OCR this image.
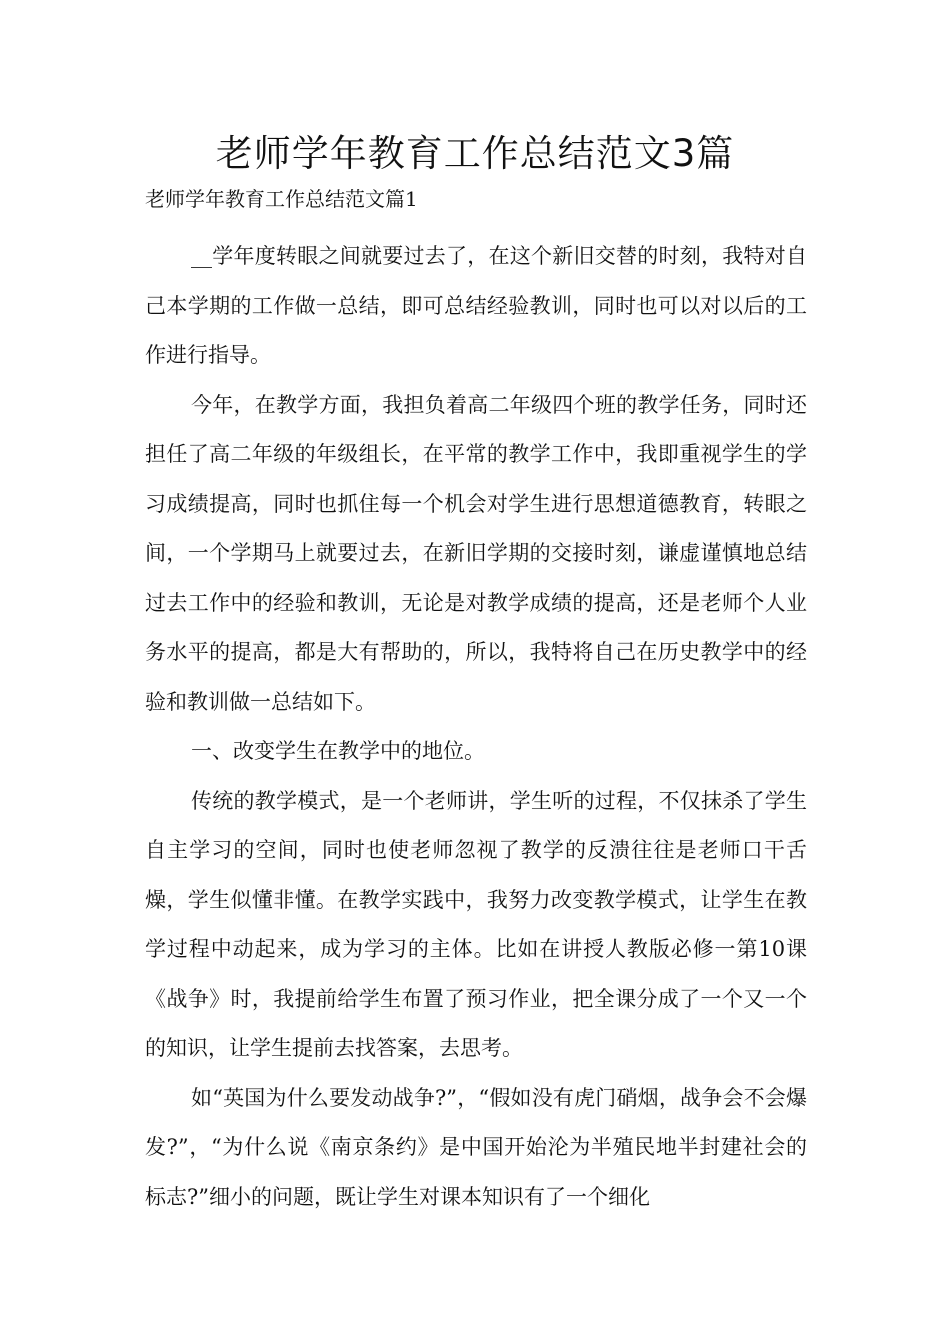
老师学年教育工作总结范文3篇

老师学年教育工作总结范文篇1

__学年度转眼之间就要过去了，在这个新旧交替的时刻，我特对自己本学期的工作做一总结，即可总结经验教训，同时也可以对以后的工作进行指导。

今年，在教学方面，我担负着高二年级四个班的教学任务，同时还担任了高二年级的年级组长，在平常的教学工作中，我即重视学生的学习成绩提高，同时也抓住每一个机会对学生进行思想道德教育，转眼之间，一个学期马上就要过去，在新旧学期的交接时刻，谦虚谨慎地总结过去工作中的经验和教训，无论是对教学成绩的提高，还是老师个人业务水平的提高，都是大有帮助的，所以，我特将自己在历史教学中的经验和教训做一总结如下。

一、改变学生在教学中的地位。

传统的教学模式，是一个老师讲，学生听的过程，不仅抹杀了学生自主学习的空间，同时也使老师忽视了教学的反溃往往是老师口干舌燥，学生似懂非懂。在教学实践中，我努力改变教学模式，让学生在教学过程中动起来，成为学习的主体。比如在讲授人教版必修一第10课《战争》时，我提前给学生布置了预习作业，把全课分成了一个又一个的知识，让学生提前去找答案，去思考。

如“英国为什么要发动战争?”，“假如没有虎门硝烟，战争会不会爆发?”，“为什么说《南京条约》是中国开始沦为半殖民地半封建社会的标志?”细小的问题，既让学生对课本知识有了一个细化
